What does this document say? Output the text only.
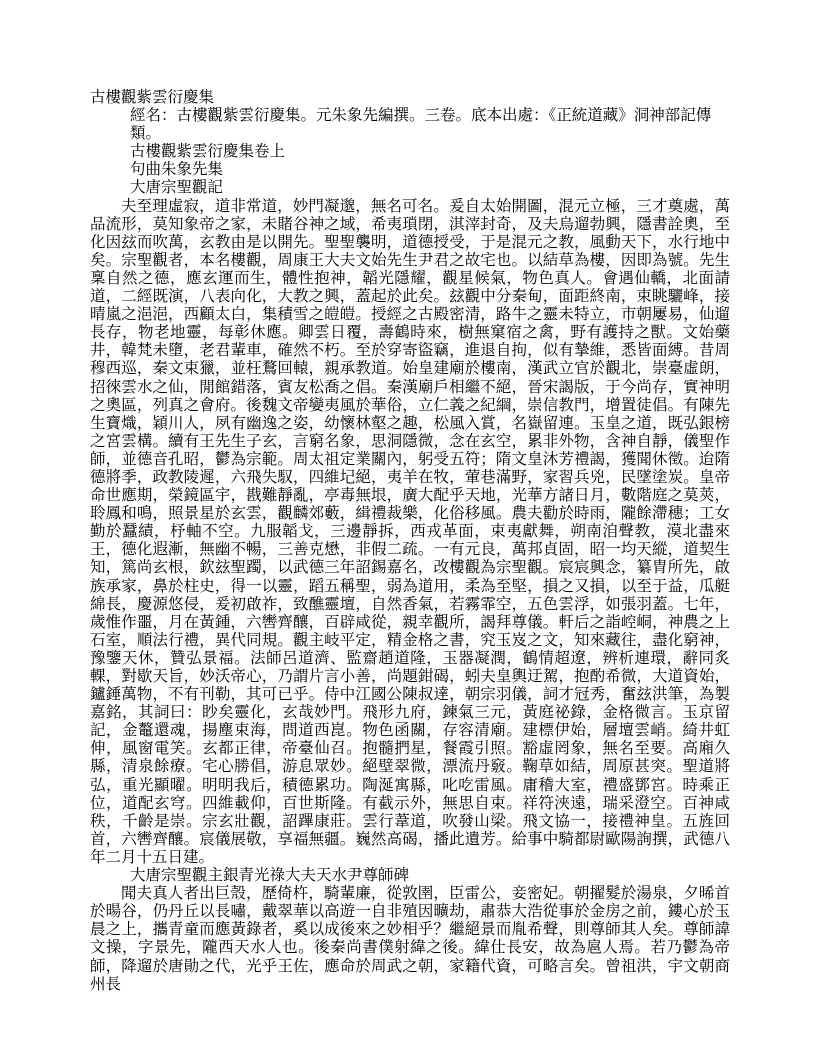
古樓觀紫雲衍慶集
經名：古樓觀紫雲衍慶集。元朱象先編撰。三卷。底本出處：《正統道藏》洞神部記傳類。
古樓觀紫雲衍慶集卷上
句曲朱象先集
大唐宗聖觀記

夫至理虛寂，道非常道，妙門凝邈，無名可名。爰自太始開圖，混元立極，三才奠處，萬品流形，莫知象帝之家，未賭谷神之域，希夷瑣閉，淇滓封奇，及夫烏遛勃興，隱書詮奧，至化因玆而吹萬，玄教由是以開先。聖聖襲明，道德授受，于是混元之教，風動天下，水行地中矣。宗聖觀者，本名樓觀，周康王大夫文始先生尹君之故宅也。以結草為樓，因即為號。先生稟自然之德，應玄運而生，體性抱神，韜光隱耀，觀星候氣，物色真人。會遇仙轎，北面請道，二經既演，八表向化，大教之興，蓋起於此矣。玆觀中分秦甸，面距終南，束眺驪峰，接晴嵐之浥浥，西顧太白，集積雪之皚皚。授經之古殿密清，路牛之靈未特立，市朝屢易，仙遛長存，物老地靈，每彰休應。卿雲日覆，壽鶴時來，樹無窠宿之禽，野有護持之獸。文始藥井，韓梵未墮，老君輩車，確然不朽。至於穿寄盜竊，進退自拘，似有摯維，悉皆面縛。昔周穆西巡，秦文束獵，並枉鶩回轅，親承教道。始皇建廟於樓南，漢武立官於觀北，崇臺虛朗，招徠雲水之仙，閒館錯落，賓友松喬之倡。秦漢廟戶相繼不絕，晉宋謁版，于今尚存，實神明之奧區，列真之會府。後魏文帝孌夷風於華俗，立仁義之紀綱，崇信教門，增置徒倡。有陳先生寶熾，穎川人，夙有幽逸之姿，幼懷林壑之趣，松風入賞，名嶽留連。玉皇之道，既弘銀榜之宮雲構。續有王先生子玄，言窮名象，思洞隱微，念在玄空，累非外物，含神自靜，儀聖作師，並德音孔昭，鬱為宗範。周太祖定業關內，躬受五符；隋文皇沐芳禮謁，獲聞休徵。迨隋德將季，政教陵遲，六飛失馭，四維圮絕，夷羊在牧，葷巷滿野，家習兵兇，民墜塗炭。皇帝命世應期，榮鏡區宇，戡難靜亂，亭毒無垠，廣大配乎天地，光華方諸日月，數階庭之莫莢，聆鳳和鳴，照景星於玄雲，觀麟郊藪，緝禮裁樂，化俗移風。農夫勸於時雨，隴餘滯穗；工女勤於蠶績，杼軸不空。九服韜戈，三邊靜拆，西戎革面，束夷獻舞，朔南洎聲教，漠北盡來王，德化遐漸，無幽不暢，三善克懋，非假二疏。一有元良，萬邦貞固，昭一均天縱，道契生知，篤尚玄根，欽玆聖躅，以武德三年詔錫嘉名，改樓觀為宗聖觀。宸宸興念，纂胄所先，啟族承家，鼻於柱史，得一以靈，蹈五稱聖，弱為道用，柔為至堅，損之又損，以至于益，瓜艇綿長，慶源悠侵，爰初啟祚，致醮靈壇，自然香氣，若霧霏空，五色雲浮，如張羽蓋。七年，歲惟作噩，月在黃鍾，六轡齊釀，百辟咸從，親幸觀所，謁拜尊儀。軒后之詣崆峒，神農之上石室，順法行禮，異代同規。觀主岐平定，精金格之書，究玉岌之文，知來藏往，盡化窮神，豫鑒天休，贊弘景福。法師呂道濟、監齋趙道隆，玉器凝潤，鶴情超遼，辨析連環，辭同炙輠，對歇天旨，妙沃帝心，乃謂片言小善，尚題鉗碣，蚓夫皇輿迂駕，抱酌希微，大道資始，鑪錘萬物，不有刊勒，其可已乎。侍中江國公陳叔達，朝宗羽儀，詞才冠秀，奮玆洪筆，為製嘉銘，其詞曰：眇矣靈化，玄哉妙門。飛形九府，鍊氣三元，黃庭祕錄，金格微言。玉京留記，金鼇還魂，揚塵束海，問道西崑。物色函關，存容清廟。建標伊始，層壇雲峭。綺井虹伸，風窗電笑。玄都正律，帝臺仙召。抱髓捫星，餐霞引照。豁虛罔象，無名至要。高廂久縣，清泉餘療。宅心勝倡，游息眾妙。絕壁翠微，漂流丹竅。鞠草如結，周原甚突。聖道將弘，重光顯曜。明明我后，積德累功。陶涎寓縣，叱吃雷風。庸稽大室，禮盛鄧宮。時乘正位，道配玄穹。四維載仰，百世斯隆。有截示外，無思自束。祥符浹遠，瑞采澄空。百神咸秩，千齡是崇。宗玄壯觀，詔蹕康莊。雲行葦道，吹發山梁。飛文協一，接禮神皇。五旌回首，六轡齊釀。宸儀展敬，享福無疆。巍然高碣，播此遺芳。給事中騎都尉歐陽詢撰，武德八年二月十五日建。

大唐宗聖觀主銀青光祿大夫天水尹尊師碑

聞夫真人者出巨殼，歷倚杵，騎輩廉，從敦圉，臣雷公，妾密妃。朝擢髮於湯泉，夕晞首於暘谷，仍丹丘以長嘯，戴翠華以高遊一自非殖因曠劫，肅恭大浩從事於金房之前，鏤心於玉晨之上，攜青童而應黃錄者，奚以成後來之妙相乎？繼絕景而胤希聲，則尊師其人矣。尊師諱文操，字景先，隴西天水人也。後秦尚書僕射緯之後。緯仕長安，故為扈人焉。若乃鬱為帝師，降遛於唐勛之代，光乎王佐，應命於周武之朝，家籍代資，可略言矣。曾祖洪，宇文朝商州長
